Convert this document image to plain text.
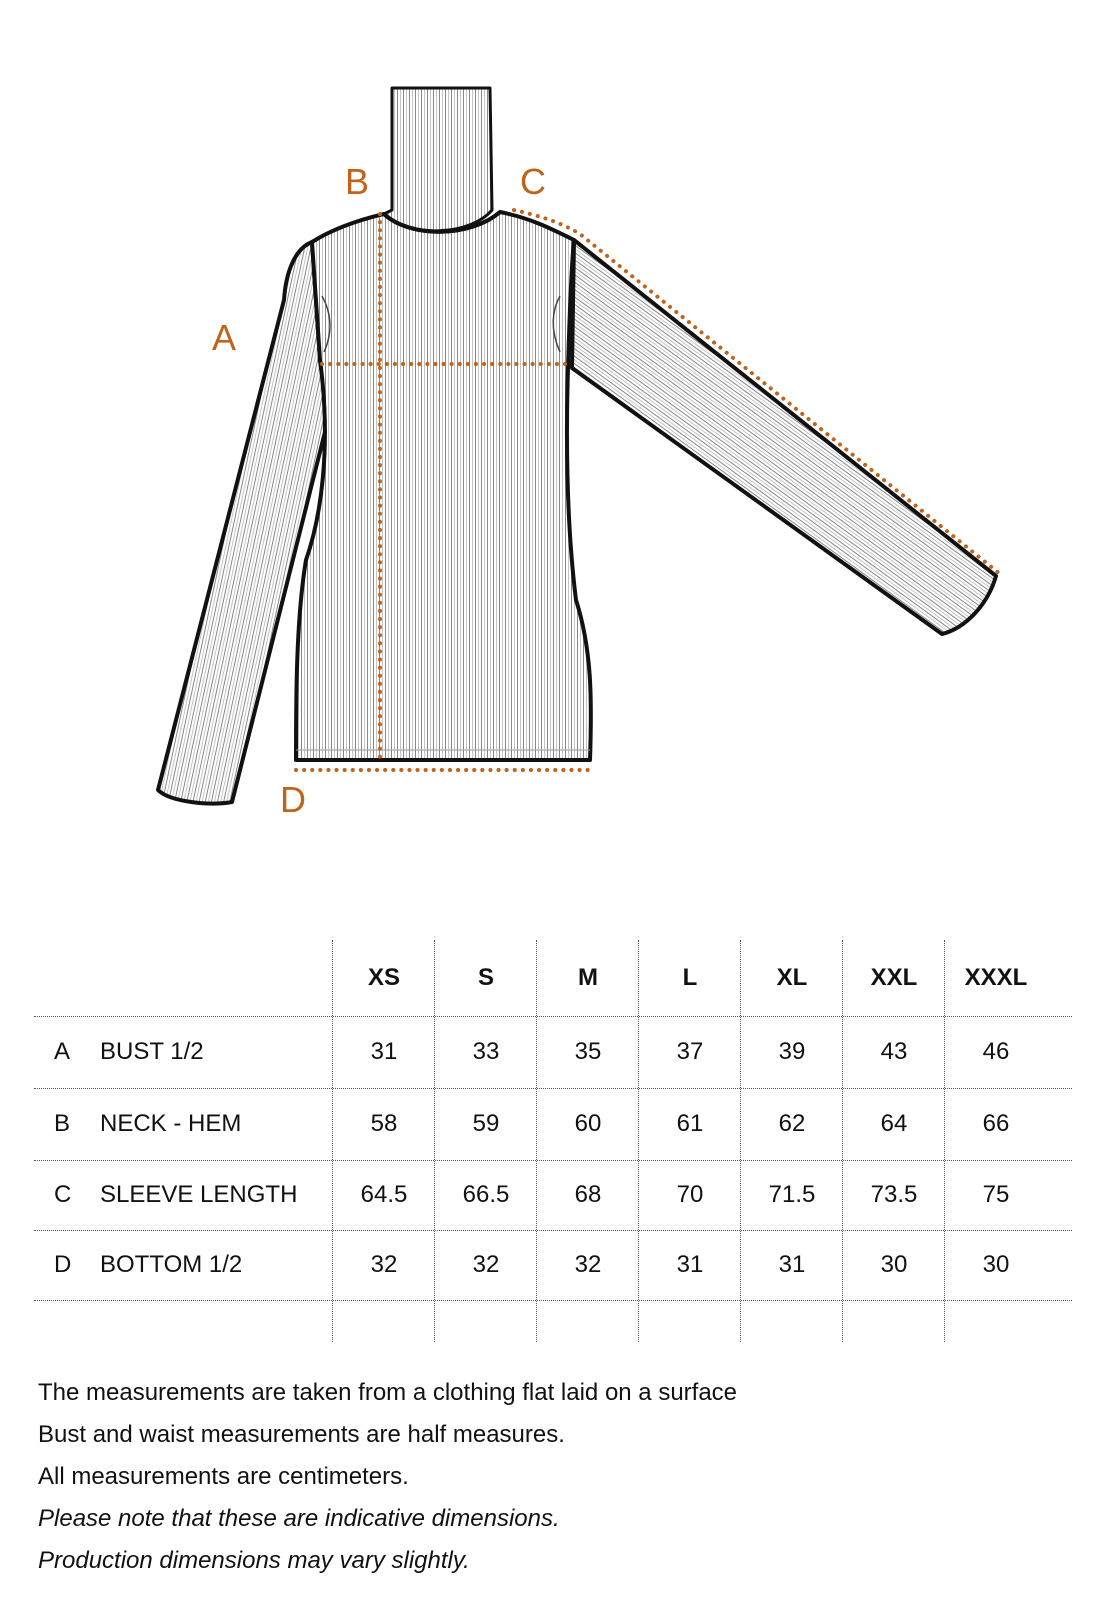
A
B	C
D
XS	S	M	L	XL	XXL	XXXL
A BUST 1/2	31	33	35	37	39	43	46
B NECK - HEM	58	59	60	61	62	64	66
C SLEEVE LENGTH	64.5	66.5	68	70	71.5	73.5	75
D BOTTOM 1/2	32	32	32	31	31	30	30
The measurements are taken from a clothing flat laid on a surface
Bust and waist measurements are half measures.
All measurements are centimeters.
Please note that these are indicative dimensions.
Production dimensions may vary slightly.
